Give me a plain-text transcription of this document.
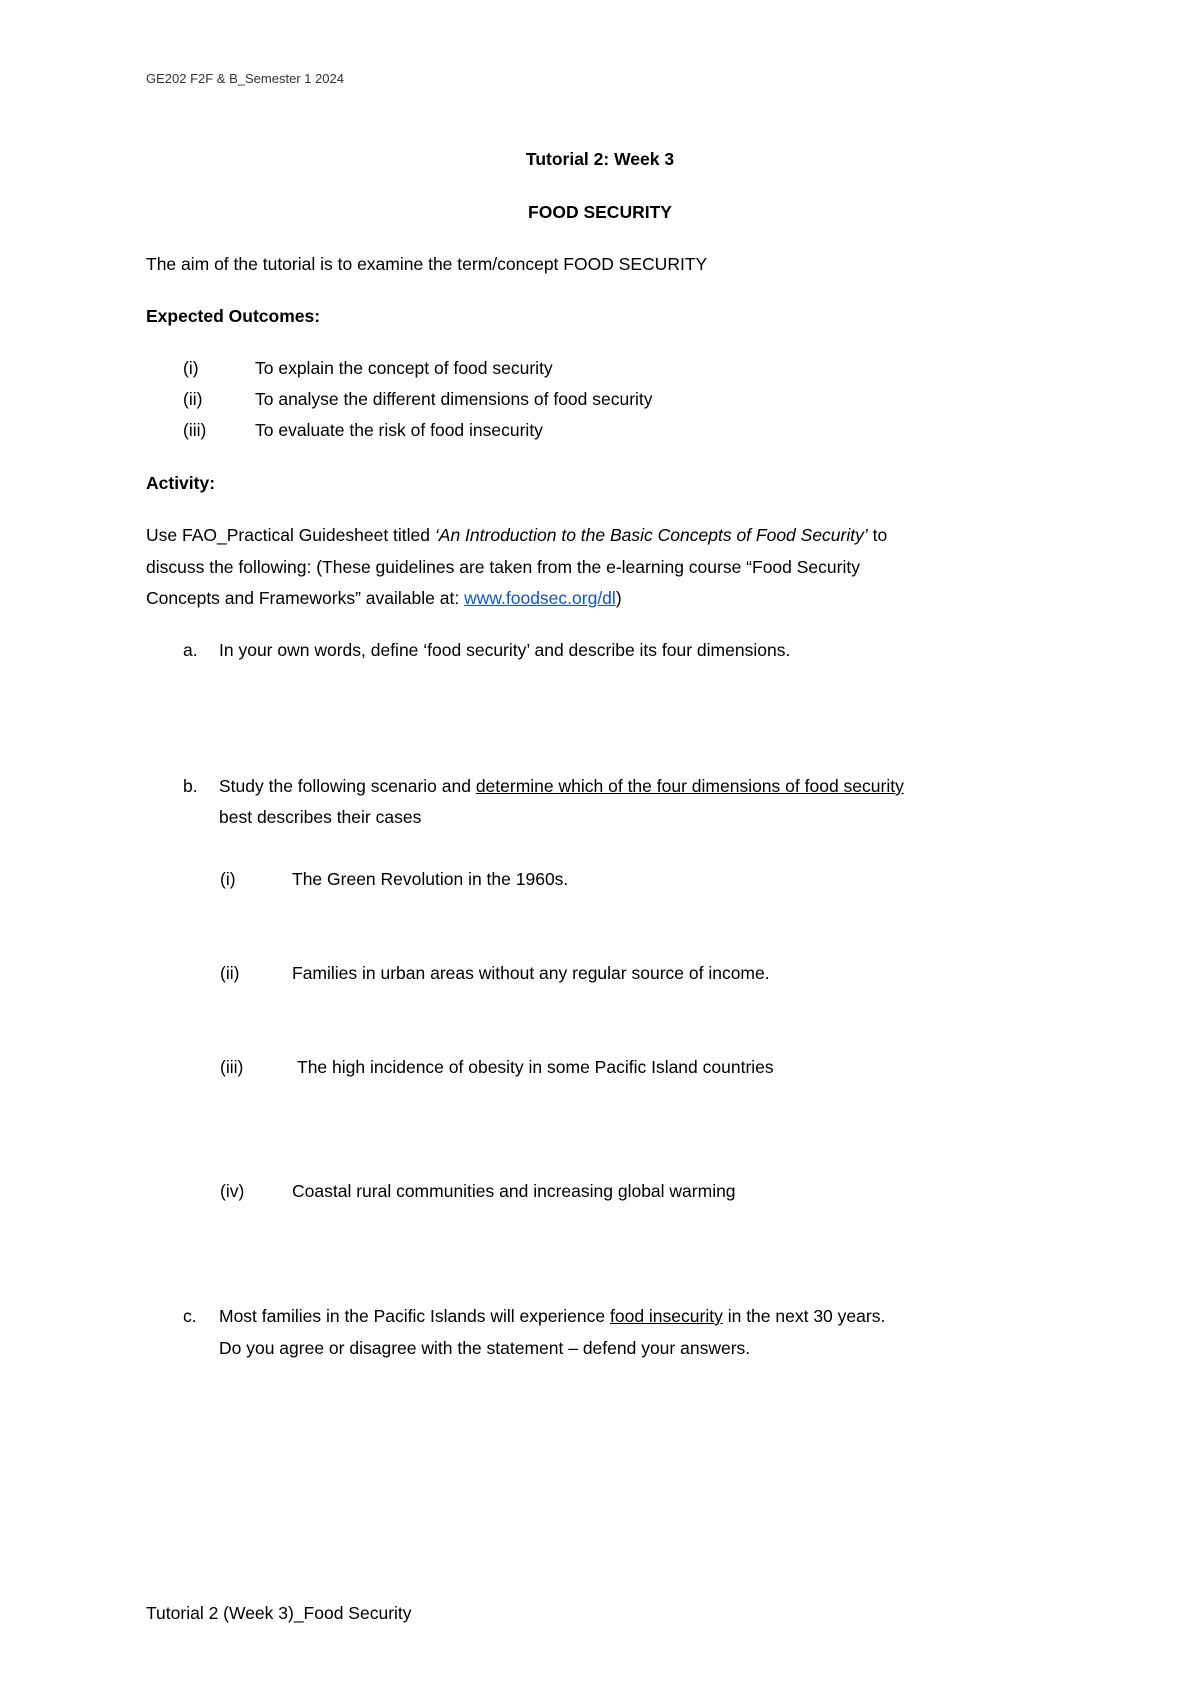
GE202 F2F & B_Semester 1 2024
Tutorial 2: Week 3
FOOD SECURITY
The aim of the tutorial is to examine the term/concept FOOD SECURITY
Expected Outcomes:
(i)	To explain the concept of food security
(ii)	To analyse the different dimensions of food security
(iii)	To evaluate the risk of food insecurity
Activity:
Use FAO_Practical Guidesheet titled ‘An Introduction to the Basic Concepts of Food Security’ to
discuss the following: (These guidelines are taken from the e-learning course “Food Security
Concepts and Frameworks” available at: www.foodsec.org/dl)
a. In your own words, define ‘food security’ and describe its four dimensions.
b. Study the following scenario and determine which of the four dimensions of food security
best describes their cases
(i)	The Green Revolution in the 1960s.
(ii)	Families in urban areas without any regular source of income.
(iii)	The high incidence of obesity in some Pacific Island countries
(iv)	Coastal rural communities and increasing global warming
c. Most families in the Pacific Islands will experience food insecurity in the next 30 years.
Do you agree or disagree with the statement – defend your answers.
Tutorial 2 (Week 3)_Food Security
